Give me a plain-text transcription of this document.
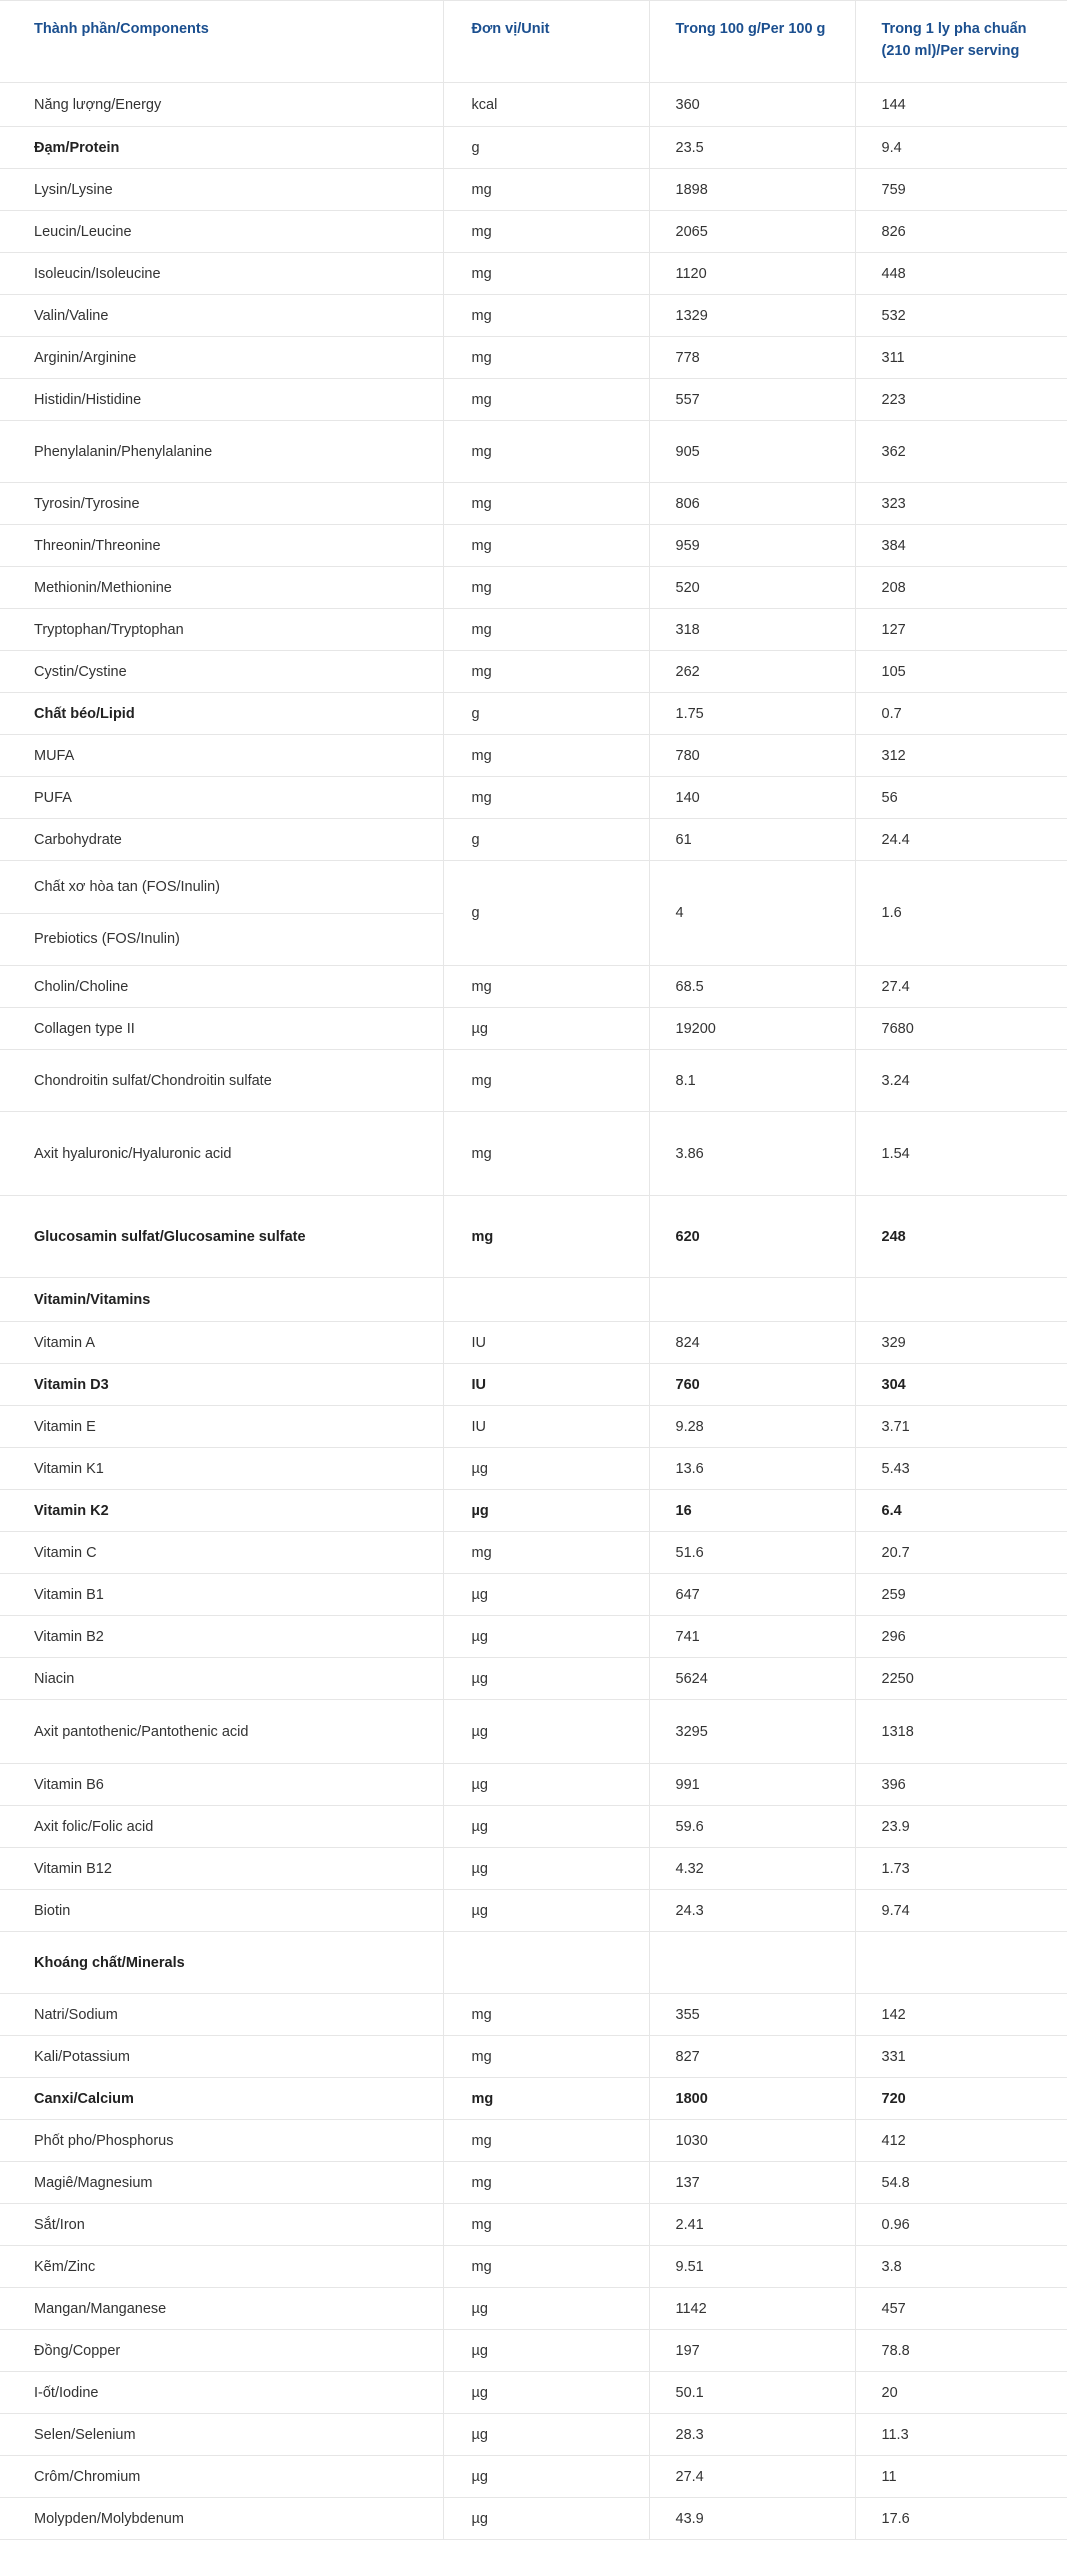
Thành phần/Components	Đơn vị/Unit	Trong 100 g/Per 100 g	Trong 1 ly pha chuẩn (210 ml)/Per serving
Năng lượng/Energy	kcal	360	144
Đạm/Protein	g	23.5	9.4
Lysin/Lysine	mg	1898	759
Leucin/Leucine	mg	2065	826
Isoleucin/Isoleucine	mg	1120	448
Valin/Valine	mg	1329	532
Arginin/Arginine	mg	778	311
Histidin/Histidine	mg	557	223
Phenylalanin/Phenylalanine	mg	905	362
Tyrosin/Tyrosine	mg	806	323
Threonin/Threonine	mg	959	384
Methionin/Methionine	mg	520	208
Tryptophan/Tryptophan	mg	318	127
Cystin/Cystine	mg	262	105
Chất béo/Lipid	g	1.75	0.7
MUFA	mg	780	312
PUFA	mg	140	56
Carbohydrate	g	61	24.4

Chất xơ hòa tan (FOS/Inulin)
Prebiotics (FOS/Inulin)	g	4	1.6
Cholin/Choline	mg	68.5	27.4
Collagen type II	µg	19200	7680
Chondroitin sulfat/Chondroitin sulfate	mg	8.1	3.24
Axit hyaluronic/Hyaluronic acid	mg	3.86	1.54
Glucosamin sulfat/Glucosamine sulfate	mg	620	248
Vitamin/Vitamins			
Vitamin A	IU	824	329
Vitamin D3	IU	760	304
Vitamin E	IU	9.28	3.71
Vitamin K1	µg	13.6	5.43
Vitamin K2	µg	16	6.4
Vitamin C	mg	51.6	20.7
Vitamin B1	µg	647	259
Vitamin B2	µg	741	296
Niacin	µg	5624	2250
Axit pantothenic/Pantothenic acid	µg	3295	1318
Vitamin B6	µg	991	396
Axit folic/Folic acid	µg	59.6	23.9
Vitamin B12	µg	4.32	1.73
Biotin	µg	24.3	9.74
Khoáng chất/Minerals			
Natri/Sodium	mg	355	142
Kali/Potassium	mg	827	331
Canxi/Calcium	mg	1800	720
Phốt pho/Phosphorus	mg	1030	412
Magiê/Magnesium	mg	137	54.8
Sắt/Iron	mg	2.41	0.96
Kẽm/Zinc	mg	9.51	3.8
Mangan/Manganese	µg	1142	457
Đồng/Copper	µg	197	78.8
I-ốt/Iodine	µg	50.1	20
Selen/Selenium	µg	28.3	11.3
Crôm/Chromium	µg	27.4	11
Molypden/Molybdenum	µg	43.9	17.6
